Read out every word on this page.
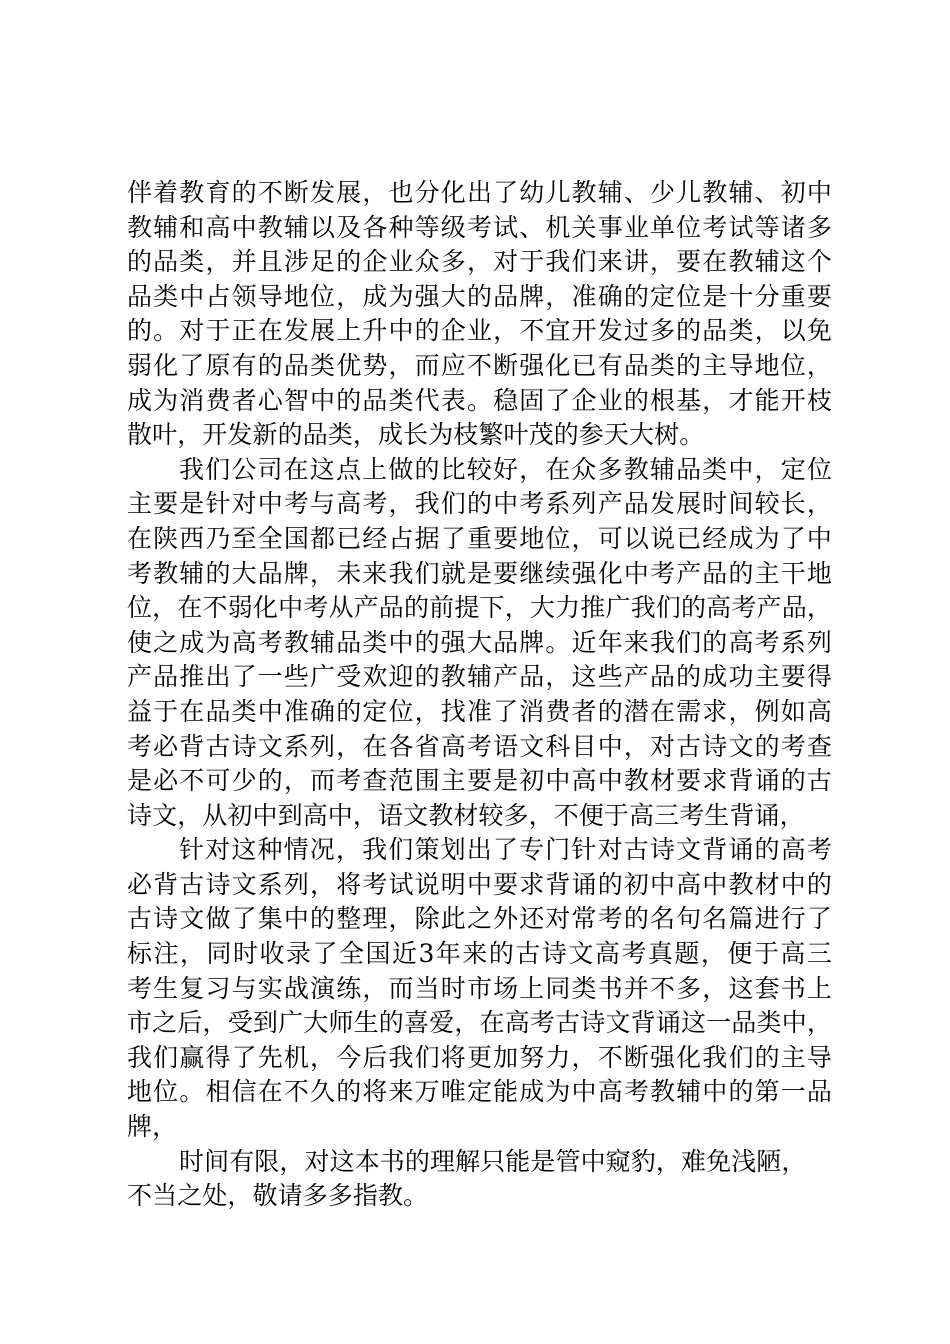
伴着教育的不断发展，也分化出了幼儿教辅、少儿教辅、初中
教辅和高中教辅以及各种等级考试、机关事业单位考试等诸多
的品类，并且涉足的企业众多，对于我们来讲，要在教辅这个
品类中占领导地位，成为强大的品牌，准确的定位是十分重要
的。对于正在发展上升中的企业，不宜开发过多的品类，以免
弱化了原有的品类优势，而应不断强化已有品类的主导地位，
成为消费者心智中的品类代表。稳固了企业的根基，才能开枝
散叶，开发新的品类，成长为枝繁叶茂的参天大树。
我们公司在这点上做的比较好，在众多教辅品类中，定位
主要是针对中考与高考，我们的中考系列产品发展时间较长，
在陕西乃至全国都已经占据了重要地位，可以说已经成为了中
考教辅的大品牌，未来我们就是要继续强化中考产品的主干地
位，在不弱化中考从产品的前提下，大力推广我们的高考产品，
使之成为高考教辅品类中的强大品牌。近年来我们的高考系列
产品推出了一些广受欢迎的教辅产品，这些产品的成功主要得
益于在品类中准确的定位，找准了消费者的潜在需求，例如高
考必背古诗文系列，在各省高考语文科目中，对古诗文的考查
是必不可少的，而考查范围主要是初中高中教材要求背诵的古
诗文，从初中到高中，语文教材较多，不便于高三考生背诵，
针对这种情况，我们策划出了专门针对古诗文背诵的高考
必背古诗文系列，将考试说明中要求背诵的初中高中教材中的
古诗文做了集中的整理，除此之外还对常考的名句名篇进行了
标注，同时收录了全国近3年来的古诗文高考真题，便于高三
考生复习与实战演练，而当时市场上同类书并不多，这套书上
市之后，受到广大师生的喜爱，在高考古诗文背诵这一品类中，
我们赢得了先机，今后我们将更加努力，不断强化我们的主导
地位。相信在不久的将来万唯定能成为中高考教辅中的第一品
牌，
时间有限，对这本书的理解只能是管中窥豹，难免浅陋，
不当之处，敬请多多指教。
